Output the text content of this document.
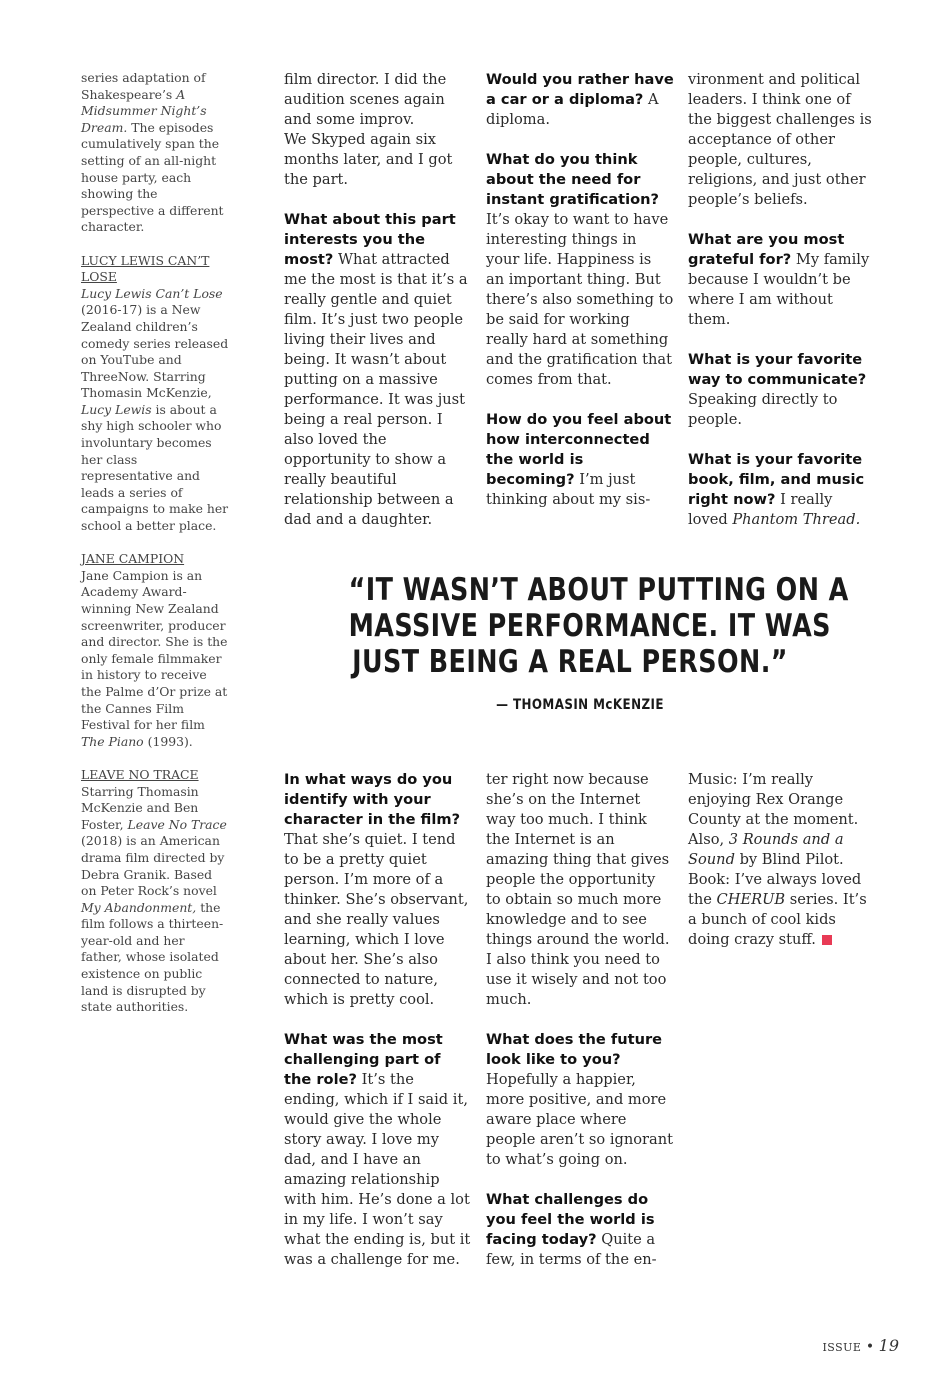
series adaptation of Shakespeare’s A Midsummer Night’s Dream. The episodes cumulatively span the setting of an all-night house party, each showing the perspective a different character.
LUCY LEWIS CAN’T LOSE
Lucy Lewis Can’t Lose (2016-17) is a New Zealand children’s comedy series released on YouTube and ThreeNow. Starring Thomasin McKenzie, Lucy Lewis is about a shy high schooler who involuntary becomes her class representative and leads a series of campaigns to make her school a better place.
JANE CAMPION
Jane Campion is an Academy Award-winning New Zealand screenwriter, producer and director. She is the only female filmmaker in history to receive the Palme d’Or prize at the Cannes Film Festival for her film The Piano (1993).
LEAVE NO TRACE
Starring Thomasin McKenzie and Ben Foster, Leave No Trace (2018) is an American drama film directed by Debra Granik. Based on Peter Rock’s novel My Abandonment, the film follows a thirteen-year-old and her father, whose isolated existence on public land is disrupted by state authorities.

film director. I did the audition scenes again and some improv.

We Skyped again six months later, and I got the part.

What about this part interests you the most? What attracted me the most is that it’s a really gentle and quiet film. It’s just two people living their lives and being. It wasn’t about putting on a massive performance. It was just being a real person. I also loved the opportunity to show a really beautiful relationship between a dad and a daughter.

Would you rather have a car or a diploma? A diploma.

What do you think about the need for instant gratification? It’s okay to want to have interesting things in your life. Happiness is an important thing. But there’s also something to be said for working really hard at something and the gratification that comes from that.

How do you feel about how interconnected the world is becoming? I’m just thinking about my sis-

vironment and political leaders. I think one of the biggest challenges is acceptance of other people, cultures, religions, and just other people’s beliefs.

What are you most grateful for? My family because I wouldn’t be where I am without them.

What is your favorite way to communicate? Speaking directly to people.

What is your favorite book, film, and music right now? I really loved Phantom Thread.

“IT WASN’T ABOUT PUTTING ON A
MASSIVE PERFORMANCE. IT WAS
JUST BEING A REAL PERSON.”
— THOMASIN McKENZIE

In what ways do you identify with your character in the film? That she’s quiet. I tend to be a pretty quiet person. I’m more of a thinker. She’s observant, and she really values learning, which I love about her. She’s also connected to nature, which is pretty cool.

What was the most challenging part of the role? It’s the ending, which if I said it, would give the whole story away. I love my dad, and I have an amazing relationship with him. He’s done a lot in my life. I won’t say what the ending is, but it was a challenge for me.

ter right now because she’s on the Internet way too much. I think the Internet is an amazing thing that gives people the opportunity to obtain so much more knowledge and to see things around the world. I also think you need to use it wisely and not too much.

What does the future look like to you? Hopefully a happier, more positive, and more aware place where people aren’t so ignorant to what’s going on.

What challenges do you feel the world is facing today? Quite a few, in terms of the en-

Music: I’m really enjoying Rex Orange County at the moment. Also, 3 Rounds and a Sound by Blind Pilot. Book: I’ve always loved the CHERUB series. It’s a bunch of cool kids doing crazy stuff.

ISSUE • 19
